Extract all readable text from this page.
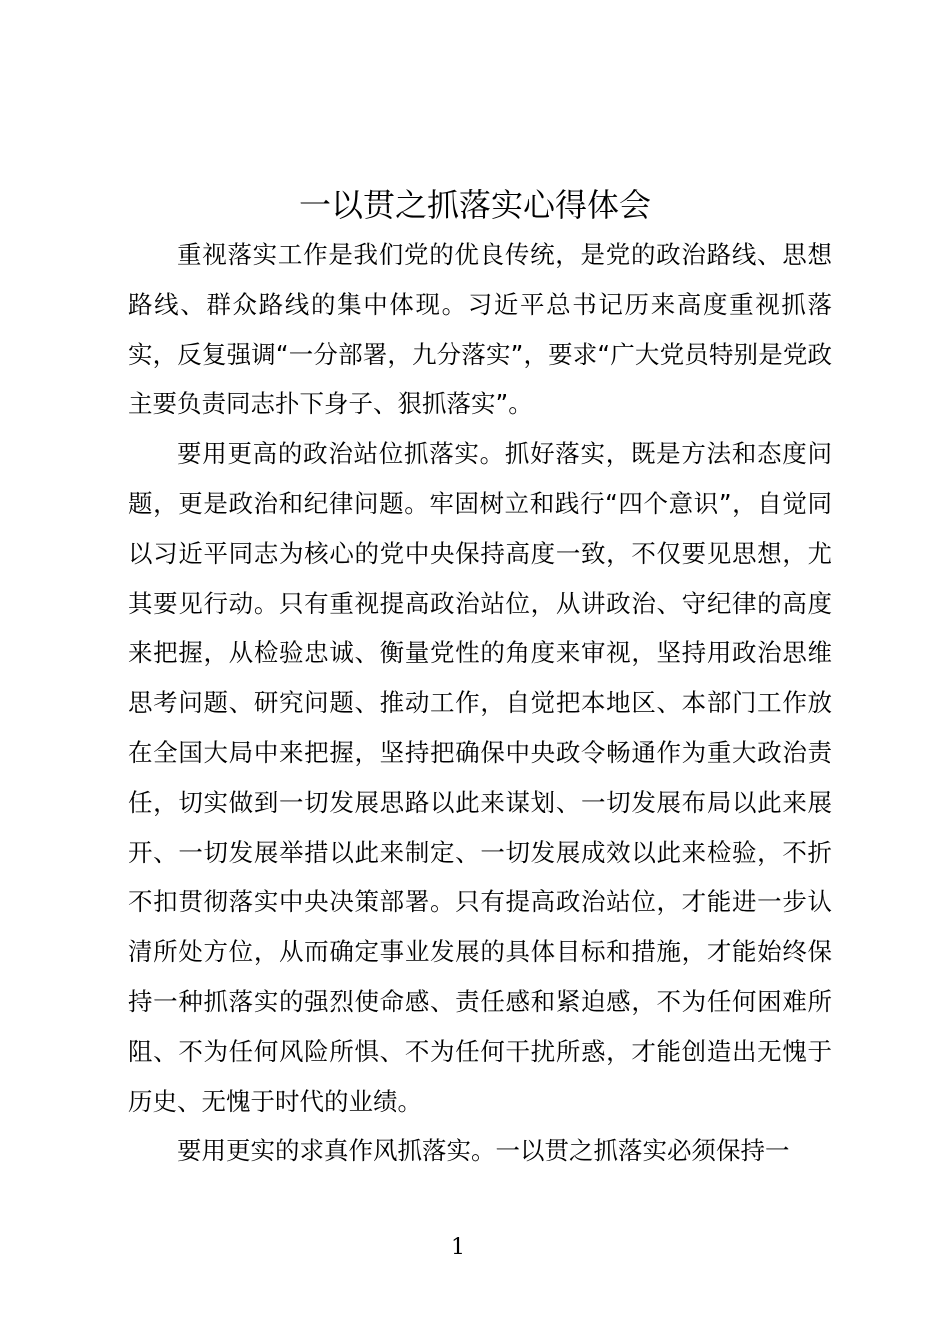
一以贯之抓落实心得体会

重视落实工作是我们党的优良传统，是党的政治路线、思想路线、群众路线的集中体现。习近平总书记历来高度重视抓落实，反复强调“一分部署，九分落实”，要求“广大党员特别是党政主要负责同志扑下身子、狠抓落实”。

要用更高的政治站位抓落实。抓好落实，既是方法和态度问题，更是政治和纪律问题。牢固树立和践行“四个意识”，自觉同以习近平同志为核心的党中央保持高度一致，不仅要见思想，尤其要见行动。只有重视提高政治站位，从讲政治、守纪律的高度来把握，从检验忠诚、衡量党性的角度来审视，坚持用政治思维思考问题、研究问题、推动工作，自觉把本地区、本部门工作放在全国大局中来把握，坚持把确保中央政令畅通作为重大政治责任，切实做到一切发展思路以此来谋划、一切发展布局以此来展开、一切发展举措以此来制定、一切发展成效以此来检验，不折不扣贯彻落实中央决策部署。只有提高政治站位，才能进一步认清所处方位，从而确定事业发展的具体目标和措施，才能始终保持一种抓落实的强烈使命感、责任感和紧迫感，不为任何困难所阻、不为任何风险所惧、不为任何干扰所惑，才能创造出无愧于历史、无愧于时代的业绩。

要用更实的求真作风抓落实。一以贯之抓落实必须保持一

1
